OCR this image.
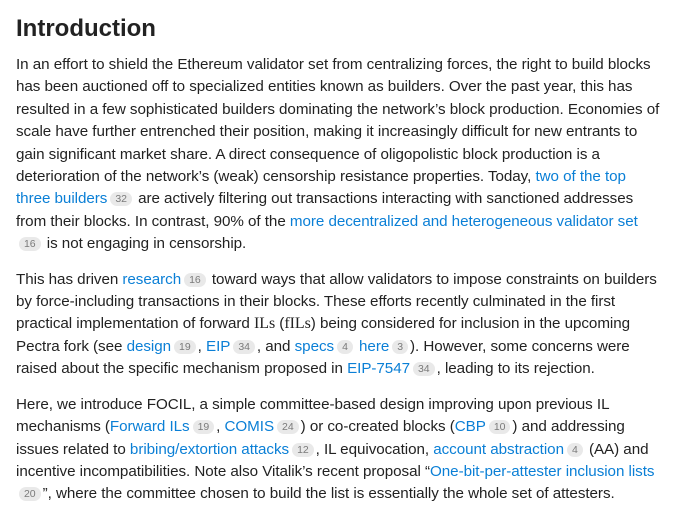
Introduction

In an effort to shield the Ethereum validator set from centralizing forces, the right to build blocks has been auctioned off to specialized entities known as builders. Over the past year, this has resulted in a few sophisticated builders dominating the network’s block production. Economies of scale have further entrenched their position, making it increasingly difficult for new entrants to gain significant market share. A direct consequence of oligopolistic block production is a deterioration of the network’s (weak) censorship resistance properties. Today, two of the top three builders 32 are actively filtering out transactions interacting with sanctioned addresses from their blocks. In contrast, 90% of the more decentralized and heterogeneous validator set16 is not engaging in censorship.

This has driven research 16 toward ways that allow validators to impose constraints on builders by force-including transactions in their blocks. These efforts recently culminated in the first practical implementation of forward ILs (fILs) being considered for inclusion in the upcoming Pectra fork (see design 19 , EIP 34 , and specs 4 here 3 ). However, some concerns were raised about the specific mechanism proposed in EIP-7547 34 , leading to its rejection.

Here, we introduce FOCIL, a simple committee-based design improving upon previous IL mechanisms (Forward ILs 19 , COMIS 24 ) or co-created blocks (CBP 10 ) and addressing issues related to bribing/extortion attacks 12 , IL equivocation, account abstraction 4 (AA) and incentive incompatibilities. Note also Vitalik’s recent proposal “One-bit-per-attester inclusion lists20 ”, where the committee chosen to build the list is essentially the whole set of attesters.
